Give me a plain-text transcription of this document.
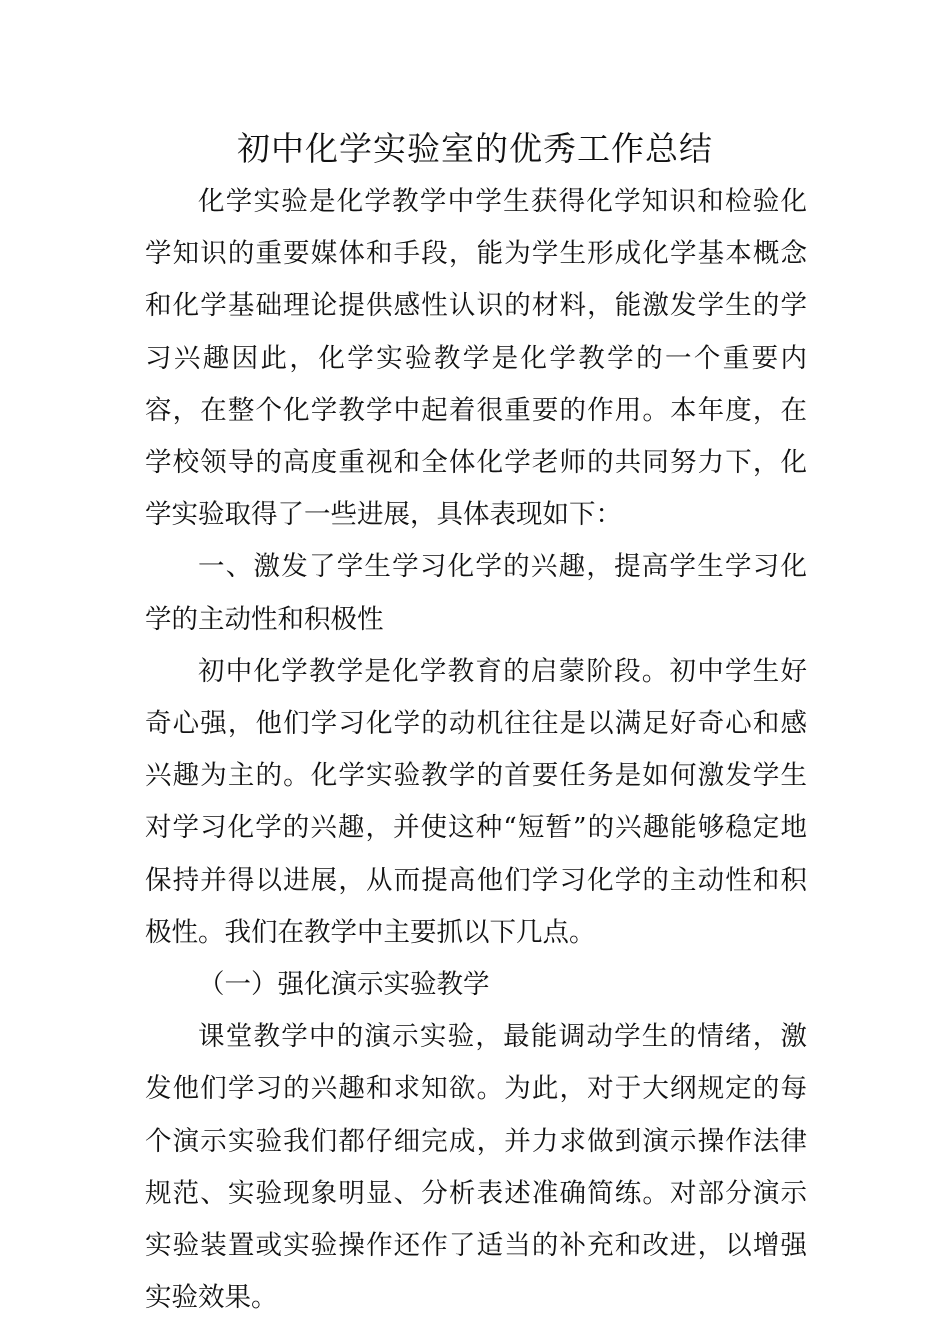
初中化学实验室的优秀工作总结

化学实验是化学教学中学生获得化学知识和检验化学知识的重要媒体和手段，能为学生形成化学基本概念和化学基础理论提供感性认识的材料，能激发学生的学习兴趣因此，化学实验教学是化学教学的一个重要内容，在整个化学教学中起着很重要的作用。本年度，在学校领导的高度重视和全体化学老师的共同努力下，化学实验取得了一些进展，具体表现如下：

一、激发了学生学习化学的兴趣，提高学生学习化学的主动性和积极性

初中化学教学是化学教育的启蒙阶段。初中学生好奇心强，他们学习化学的动机往往是以满足好奇心和感兴趣为主的。化学实验教学的首要任务是如何激发学生对学习化学的兴趣，并使这种“短暂”的兴趣能够稳定地保持并得以进展，从而提高他们学习化学的主动性和积极性。我们在教学中主要抓以下几点。

（一）强化演示实验教学

课堂教学中的演示实验，最能调动学生的情绪，激发他们学习的兴趣和求知欲。为此，对于大纲规定的每个演示实验我们都仔细完成，并力求做到演示操作法律规范、实验现象明显、分析表述准确简练。对部分演示实验装置或实验操作还作了适当的补充和改进，以增强实验效果。
